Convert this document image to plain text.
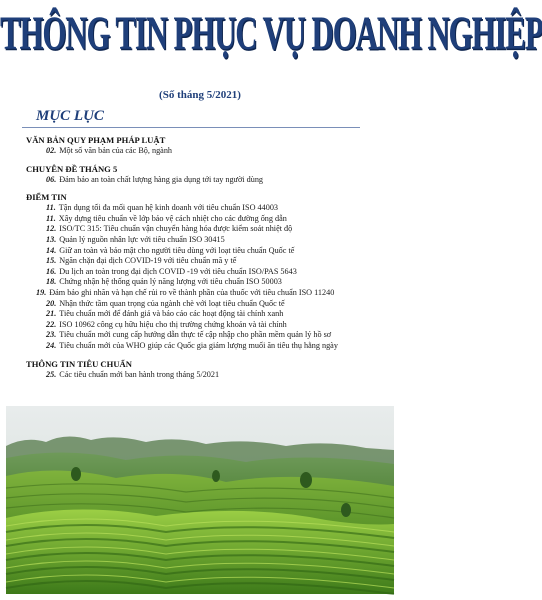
THÔNG TIN PHỤC VỤ DOANH NGHIỆP
(Số tháng 5/2021)
MỤC LỤC
VĂN BẢN QUY PHẠM PHÁP LUẬT
02. Một số văn bản của các Bộ, ngành
CHUYÊN ĐỀ THÁNG 5
06. Đảm bảo an toàn chất lượng hàng gia dụng tới tay người dùng
ĐIỂM TIN
11. Tận dụng tối đa mối quan hệ kinh doanh với tiêu chuẩn ISO 44003
11. Xây dựng tiêu chuẩn về lớp bảo vệ cách nhiệt cho các đường ống dẫn
12. ISO/TC 315: Tiêu chuẩn vận chuyển hàng hóa được kiểm soát nhiệt độ
13. Quản lý nguồn nhân lực với tiêu chuẩn ISO 30415
14. Giữ an toàn và bảo mật cho người tiêu dùng với loạt tiêu chuẩn Quốc tế
15. Ngăn chặn đại dịch COVID-19 với tiêu chuẩn mã y tế
16. Du lịch an toàn trong đại dịch COVID -19 với tiêu chuẩn ISO/PAS 5643
18. Chứng nhận hệ thống quản lý năng lượng với tiêu chuẩn ISO 50003
19. Đảm bảo ghi nhãn và hạn chế rủi ro về thành phần của thuốc với tiêu chuẩn ISO 11240
20. Nhận thức tầm quan trọng của ngành chè với loạt tiêu chuẩn Quốc tế
21. Tiêu chuẩn mới để đánh giá và báo cáo các hoạt động tài chính xanh
22. ISO 10962 công cụ hữu hiệu cho thị trường chứng khoán và tài chính
23. Tiêu chuẩn mới cung cấp hướng dẫn thực tế cập nhập cho phần mềm quản lý hồ sơ
24. Tiêu chuẩn mới của WHO giúp các Quốc gia giám lượng muối ăn tiêu thụ hằng ngày
THÔNG TIN TIÊU CHUẨN
25. Các tiêu chuẩn mới ban hành trong tháng 5/2021
